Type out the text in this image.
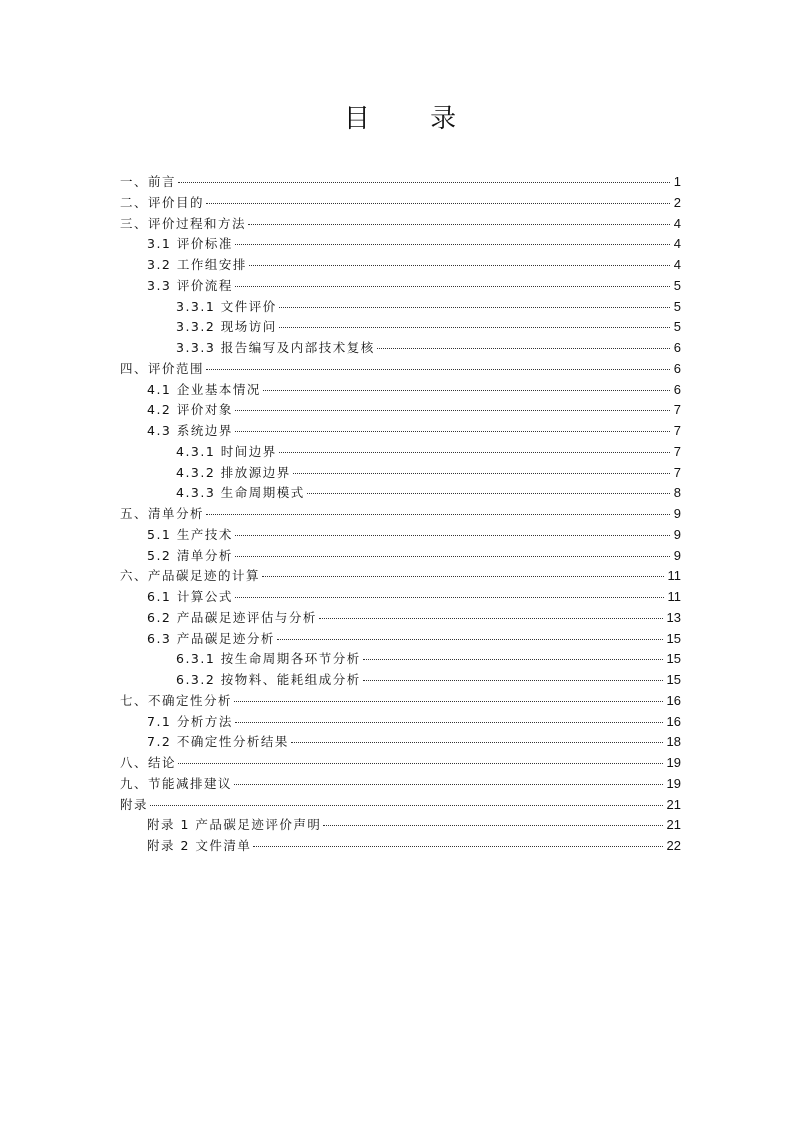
目 录
一、前言	1
二、评价目的	2
三、评价过程和方法	4
3.1 评价标准	4
3.2 工作组安排	4
3.3 评价流程	5
3.3.1 文件评价	5
3.3.2 现场访问	5
3.3.3 报告编写及内部技术复核	6
四、评价范围	6
4.1 企业基本情况	6
4.2 评价对象	7
4.3 系统边界	7
4.3.1 时间边界	7
4.3.2 排放源边界	7
4.3.3 生命周期模式	8
五、清单分析	9
5.1 生产技术	9
5.2 清单分析	9
六、产品碳足迹的计算	11
6.1 计算公式	11
6.2 产品碳足迹评估与分析	13
6.3 产品碳足迹分析	15
6.3.1 按生命周期各环节分析	15
6.3.2 按物料、能耗组成分析	15
七、不确定性分析	16
7.1 分析方法	16
7.2 不确定性分析结果	18
八、结论	19
九、节能减排建议	19
附录	21
附录 1 产品碳足迹评价声明	21
附录 2 文件清单	22
